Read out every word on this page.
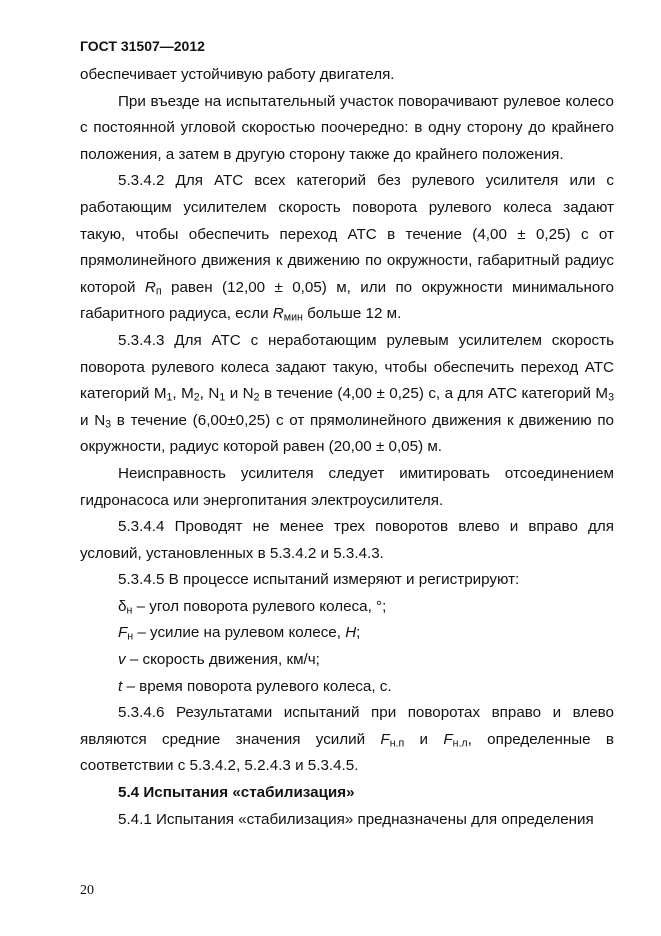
ГОСТ 31507—2012

обеспечивает устойчивую работу двигателя.

При въезде на испытательный участок поворачивают рулевое колесо с постоянной угловой скоростью поочередно: в одну сторону до крайнего положения, а затем в другую сторону также до крайнего положения.

5.3.4.2 Для АТС всех категорий без рулевого усилителя или с работающим усилителем скорость поворота рулевого колеса задают такую, чтобы обеспечить переход АТС в течение (4,00 ± 0,25) с от прямолинейного движения к движению по окружности, габаритный радиус которой $R_п$ равен (12,00 ± 0,05) м, или по окружности минимального габаритного радиуса, если $R_{мин}$ больше 12 м.

5.3.4.3 Для АТС с неработающим рулевым усилителем скорость поворота рулевого колеса задают такую, чтобы обеспечить переход АТС категорий $M_1$, $M_2$, $N_1$ и $N_2$ в течение (4,00 ± 0,25) с, а для АТС категорий $M_3$ и $N_3$ в течение (6,00±0,25) с от прямолинейного движения к движению по окружности, радиус которой равен (20,00 ± 0,05) м.

Неисправность усилителя следует имитировать отсоединением гидронасоса или энергопитания электроусилителя.

5.3.4.4 Проводят не менее трех поворотов влево и вправо для условий, установленных в 5.3.4.2 и 5.3.4.3.

5.3.4.5 В процессе испытаний измеряют и регистрируют:

$\delta_н$ – угол поворота рулевого колеса, °;

$F_н$ – усилие на рулевом колесе, Н;

v – скорость движения, км/ч;

t – время поворота рулевого колеса, с.

5.3.4.6 Результатами испытаний при поворотах вправо и влево являются средние значения усилий $F_{н.п}$ и $F_{н.л}$, определенные в соответствии с 5.3.4.2, 5.2.4.3 и 5.3.4.5.

5.4 Испытания «стабилизация»

5.4.1 Испытания «стабилизация» предназначены для определения

20
